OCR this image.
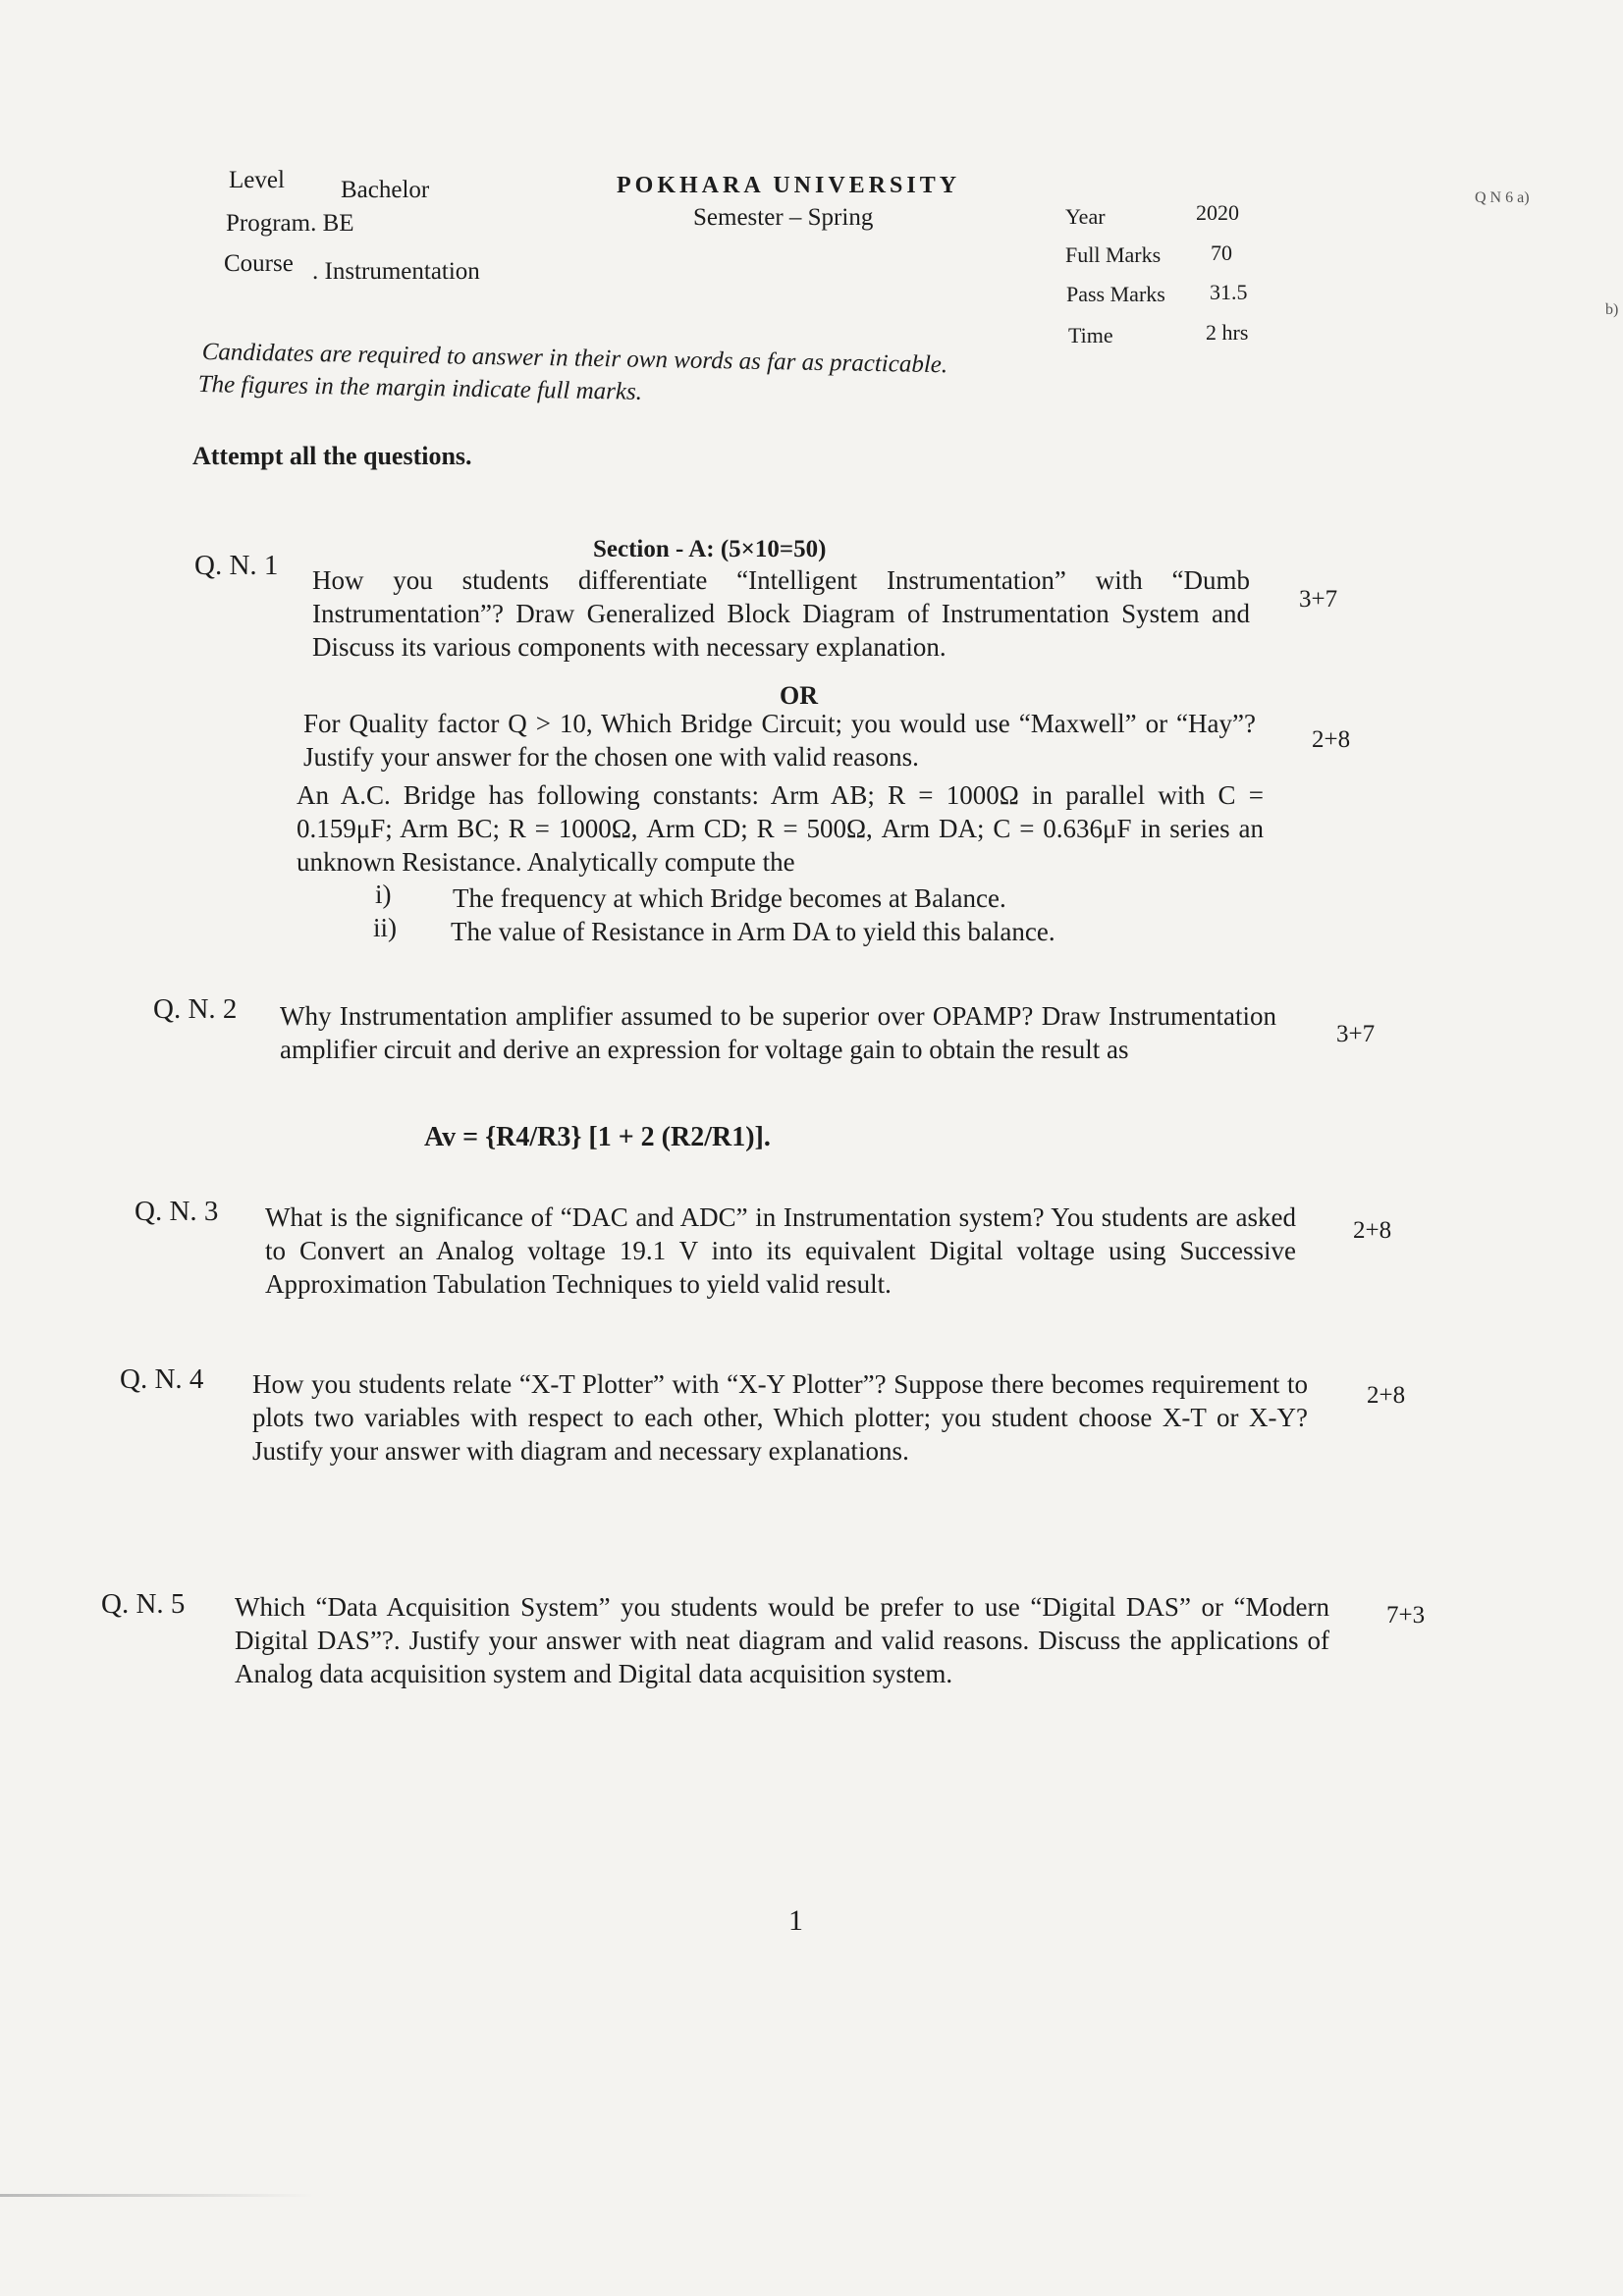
Level Bachelor
Program. BE
Course . Instrumentation
POKHARA UNIVERSITY
Semester – Spring	Year	2020
Full Marks 70
Pass Marks 31.5
Time	2 hrs
Q N 6 a)
b)
Candidates are required to answer in their own words as far as practicable.
The figures in the margin indicate full marks.
Attempt all the questions.
Section - A: (5×10=50)
Q. N. 1 How you students differentiate “Intelligent Instrumentation” with “Dumb Instrumentation”? Draw Generalized Block Diagram of Instrumentation System and Discuss its various components with necessary explanation.
3+7
OR
For Quality factor Q > 10, Which Bridge Circuit; you would use “Maxwell” or “Hay”? Justify your answer for the chosen one with valid reasons.
2+8
An A.C. Bridge has following constants: Arm AB; R = 1000Ω in parallel with C = 0.159μF; Arm BC; R = 1000Ω, Arm CD; R = 500Ω, Arm DA; C = 0.636μF in series an unknown Resistance. Analytically compute the
i) The frequency at which Bridge becomes at Balance.
ii) The value of Resistance in Arm DA to yield this balance.
Q. N. 2 Why Instrumentation amplifier assumed to be superior over OPAMP? Draw Instrumentation amplifier circuit and derive an expression for voltage gain to obtain the result as
3+7
Av = {R4/R3} [1 + 2 (R2/R1)].
Q. N. 3 What is the significance of “DAC and ADC” in Instrumentation system? You students are asked to Convert an Analog voltage 19.1 V into its equivalent Digital voltage using Successive Approximation Tabulation Techniques to yield valid result.
2+8
Q. N. 4 How you students relate “X-T Plotter” with “X-Y Plotter”? Suppose there becomes requirement to plots two variables with respect to each other, Which plotter; you student choose X-T or X-Y? Justify your answer with diagram and necessary explanations.
2+8
Q. N. 5 Which “Data Acquisition System” you students would be prefer to use “Digital DAS” or “Modern Digital DAS”?. Justify your answer with neat diagram and valid reasons. Discuss the applications of Analog data acquisition system and Digital data acquisition system.
7+3
1
